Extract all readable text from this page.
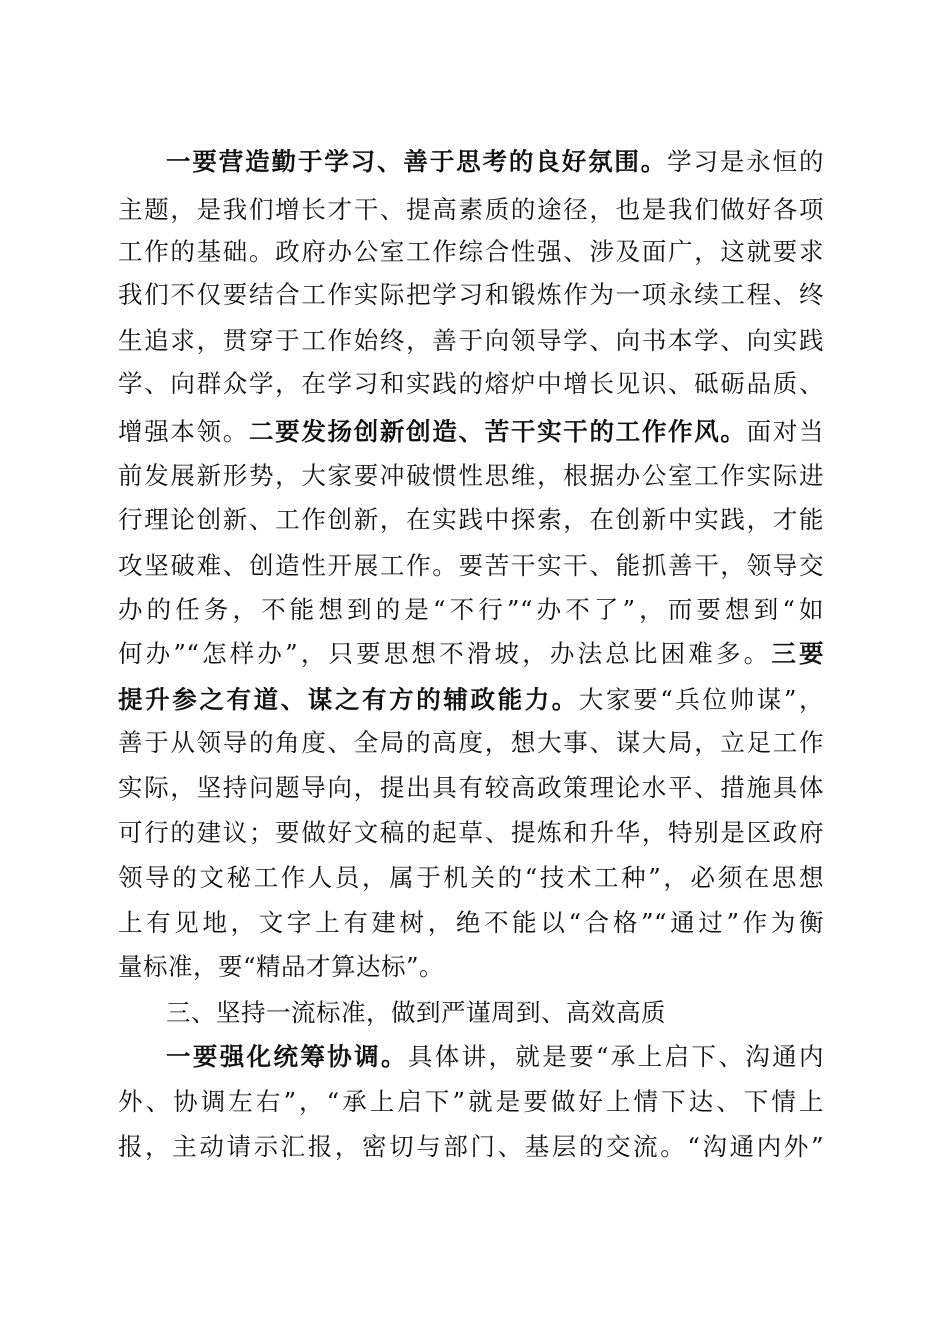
一要营造勤于学习、善于思考的良好氛围。学习是永恒的
主题，是我们增长才干、提高素质的途径，也是我们做好各项
工作的基础。政府办公室工作综合性强、涉及面广，这就要求
我们不仅要结合工作实际把学习和锻炼作为一项永续工程、终
生追求，贯穿于工作始终，善于向领导学、向书本学、向实践
学、向群众学，在学习和实践的熔炉中增长见识、砥砺品质、
增强本领。二要发扬创新创造、苦干实干的工作作风。面对当
前发展新形势，大家要冲破惯性思维，根据办公室工作实际进
行理论创新、工作创新，在实践中探索，在创新中实践，才能
攻坚破难、创造性开展工作。要苦干实干、能抓善干，领导交
办的任务，不能想到的是“不行”“办不了”，而要想到“如
何办”“怎样办”，只要思想不滑坡，办法总比困难多。三要
提升参之有道、谋之有方的辅政能力。大家要“兵位帅谋”，
善于从领导的角度、全局的高度，想大事、谋大局，立足工作
实际，坚持问题导向，提出具有较高政策理论水平、措施具体
可行的建议；要做好文稿的起草、提炼和升华，特别是区政府
领导的文秘工作人员，属于机关的“技术工种”，必须在思想
上有见地，文字上有建树，绝不能以“合格”“通过”作为衡
量标准，要“精品才算达标”。
三、坚持一流标准，做到严谨周到、高效高质
一要强化统筹协调。具体讲，就是要“承上启下、沟通内
外、协调左右”，“承上启下”就是要做好上情下达、下情上
报，主动请示汇报，密切与部门、基层的交流。“沟通内外”
